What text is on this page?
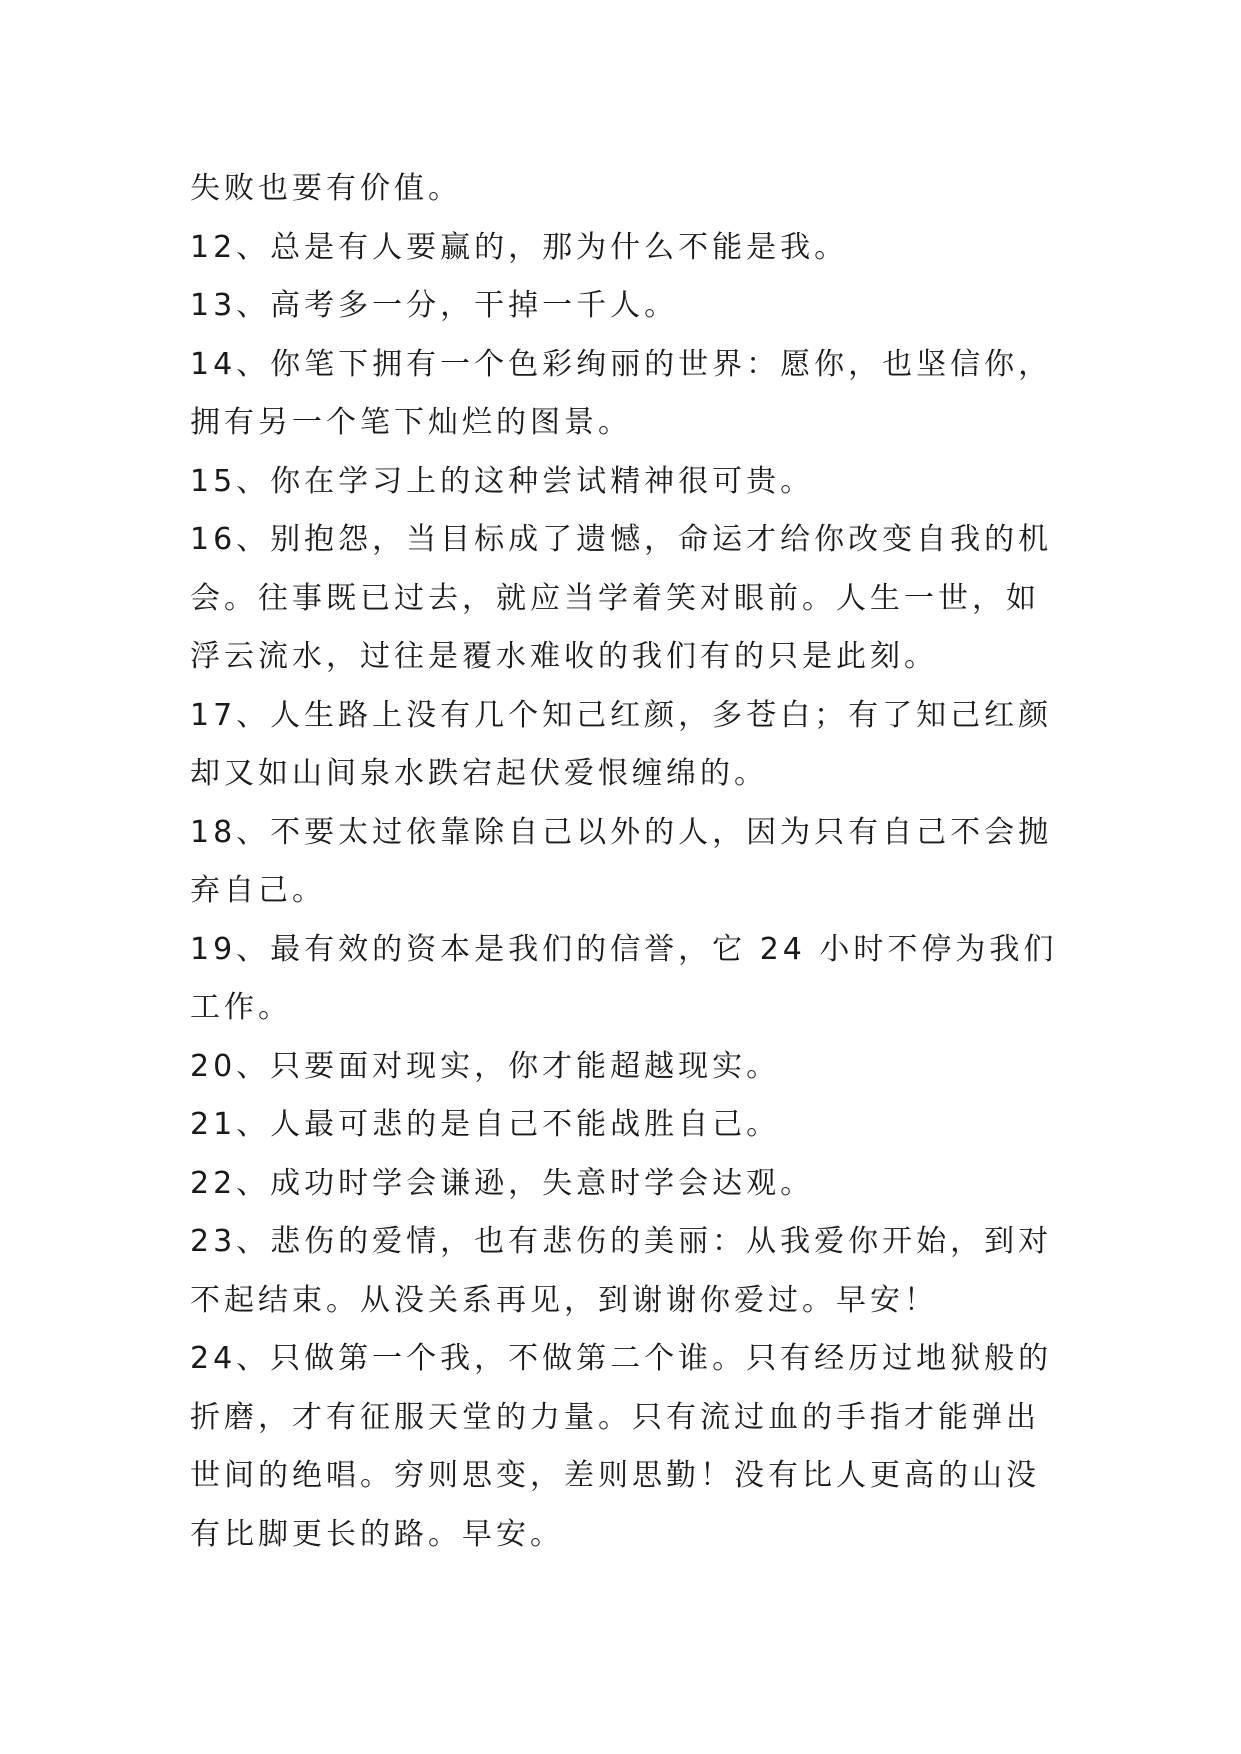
失败也要有价值。

12、总是有人要赢的，那为什么不能是我。

13、高考多一分，干掉一千人。

14、你笔下拥有一个色彩绚丽的世界：愿你，也坚信你，拥有另一个笔下灿烂的图景。

15、你在学习上的这种尝试精神很可贵。

16、别抱怨，当目标成了遗憾，命运才给你改变自我的机会。往事既已过去，就应当学着笑对眼前。人生一世，如浮云流水，过往是覆水难收的我们有的只是此刻。

17、人生路上没有几个知己红颜，多苍白；有了知己红颜却又如山间泉水跌宕起伏爱恨缠绵的。

18、不要太过依靠除自己以外的人，因为只有自己不会抛弃自己。

19、最有效的资本是我们的信誉，它 24 小时不停为我们工作。

20、只要面对现实，你才能超越现实。

21、人最可悲的是自己不能战胜自己。

22、成功时学会谦逊，失意时学会达观。

23、悲伤的爱情，也有悲伤的美丽：从我爱你开始，到对不起结束。从没关系再见，到谢谢你爱过。早安！

24、只做第一个我，不做第二个谁。只有经历过地狱般的折磨，才有征服天堂的力量。只有流过血的手指才能弹出世间的绝唱。穷则思变，差则思勤！没有比人更高的山没有比脚更长的路。早安。
